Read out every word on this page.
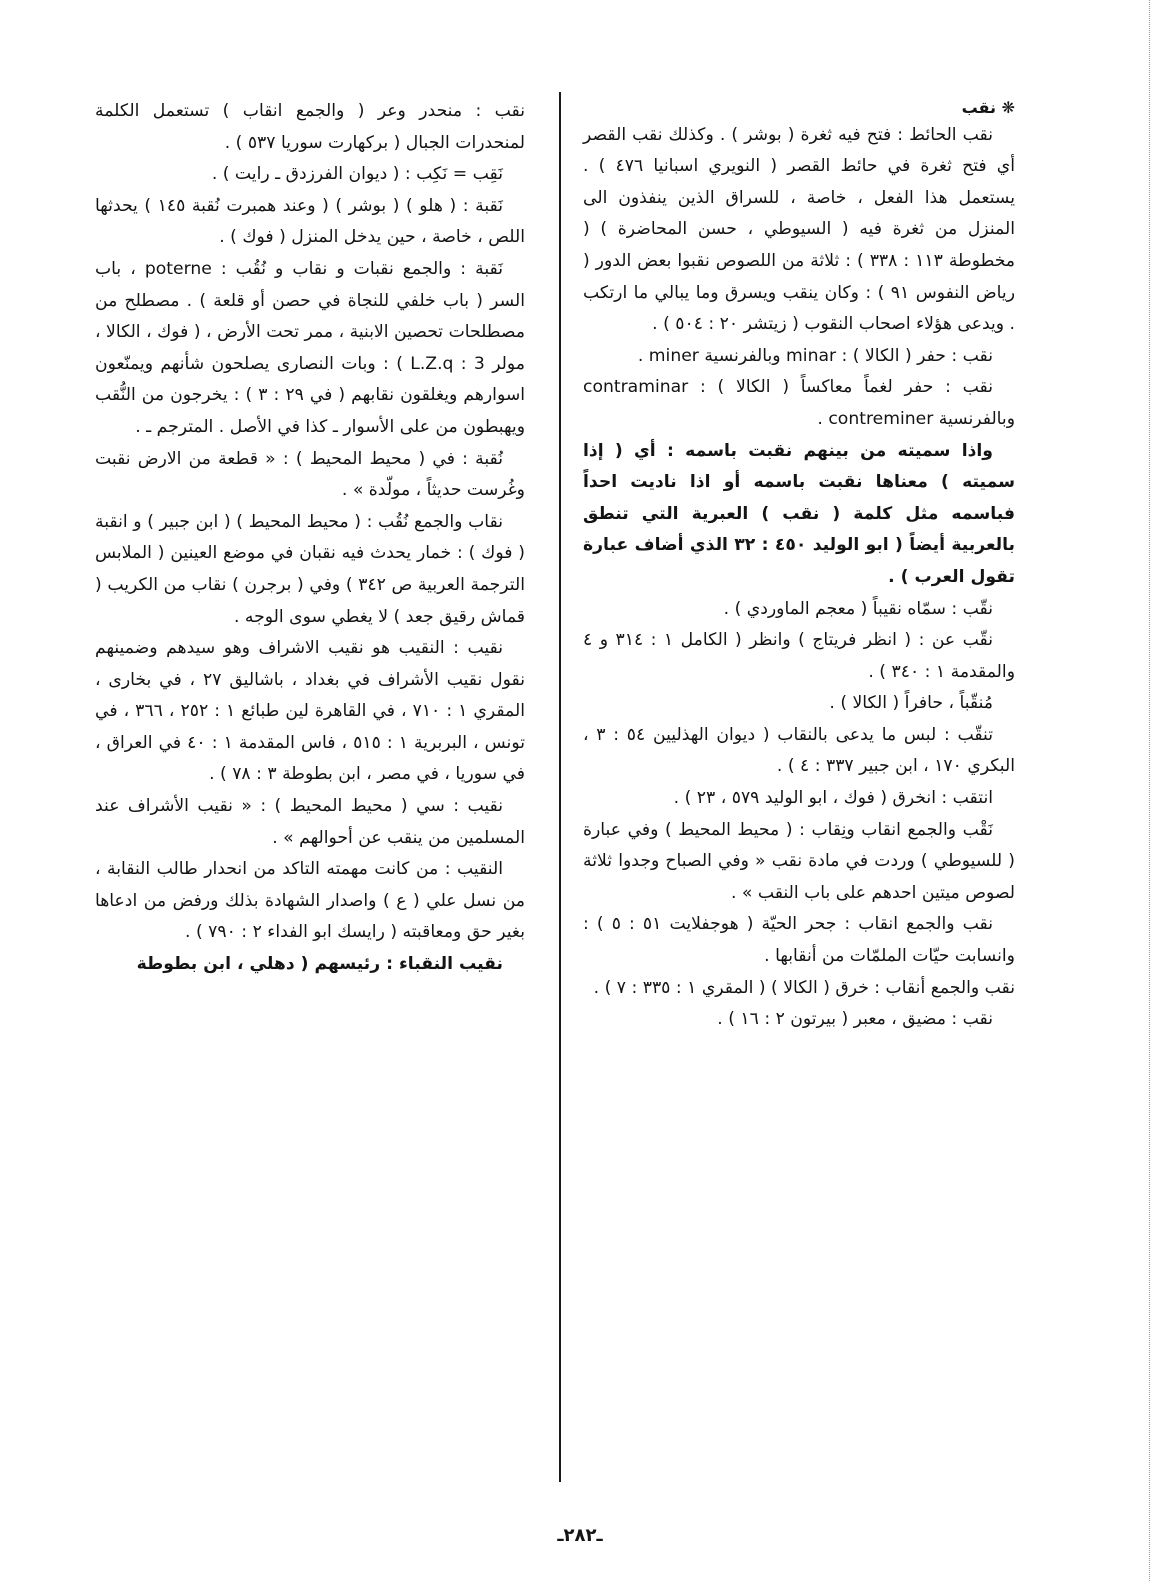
❋ نقب

نقب الحائط : فتح فيه ثغرة ( بوشر ) . وكذلك نقب القصر أي فتح ثغرة في حائط القصر ( النويري اسبانيا ٤٧٦ ) . يستعمل هذا الفعل ، خاصة ، للسراق الذين ينفذون الى المنزل من ثغرة فيه ( السيوطي ، حسن المحاضرة ) ( مخطوطة ١١٣ : ٣٣٨ ) : ثلاثة من اللصوص نقبوا بعض الدور ( رياض النفوس ٩١ ) : وكان ينقب ويسرق وما يبالي ما ارتكب . ويدعى هؤلاء اصحاب النقوب ( زيتشر ٢٠ : ٥٠٤ ) .

نقب : حفر ( الكالا ) : minar وبالفرنسية miner .

نقب : حفر لغماً معاكساً ( الكالا ) : contraminar وبالفرنسية contreminer .

واذا سميته من بينهم نقبت باسمه : أي ( إذا سميته ) معناها نقبت باسمه أو اذا ناديت احداً فباسمه مثل كلمة ( نقب ) العبرية التي تنطق بالعربية أيضاً ( ابو الوليد ٤٥٠ : ٣٢ الذي أضاف عبارة تقول العرب ) .

نقّب : سمّاه نقيباً ( معجم الماوردي ) .

نقّب عن : ( انظر فريتاج ) وانظر ( الكامل ١ : ٣١٤ و ٤ والمقدمة ١ : ٣٤٠ ) .

مُنقّباً ، حافراً ( الكالا ) .

تنقّب : لبس ما يدعى بالنقاب ( ديوان الهذليين ٥٤ : ٣ ، البكري ١٧٠ ، ابن جبير ٣٣٧ : ٤ ) .

انتقب : انخرق ( فوك ، ابو الوليد ٥٧٩ ، ٢٣ ) .

نَقْب والجمع انقاب ونِقاب : ( محيط المحيط ) وفي عبارة ( للسيوطي ) وردت في مادة نقب « وفي الصباح وجدوا ثلاثة لصوص ميتين احدهم على باب النقب » .

نقب والجمع انقاب : جحر الحيّة ( هوجفلايت ٥١ : ٥ ) : وانسابت حيّات الملمّات من أنقابها .

نقب والجمع أنقاب : خرق ( الكالا ) ( المقري ١ : ٣٣٥ : ٧ ) .

نقب : مضيق ، معبر ( بيرتون ٢ : ١٦ ) .

نقب : منحدر وعر ( والجمع انقاب ) تستعمل الكلمة لمنحدرات الجبال ( بركهارت سوريا ٥٣٧ ) .

نَقِب = نَكِب : ( ديوان الفرزدق ـ رايت ) .

نَقبة : ( هلو ) ( بوشر ) ( وعند همبرت نُقبة ١٤٥ ) يحدثها اللص ، خاصة ، حين يدخل المنزل ( فوك ) .

نَقبة : والجمع نقبات و نقاب و نُقُب : poterne ، باب السر ( باب خلفي للنجاة في حصن أو قلعة ) . مصطلح من مصطلحات تحصين الابنية ، ممر تحت الأرض ، ( فوك ، الكالا ، مولر L.Z.q : 3 ) : وبات النصارى يصلحون شأنهم ويمنّعون اسوارهم ويغلقون نقابهم ( في ٢٩ : ٣ ) : يخرجون من النُّقب ويهبطون من على الأسوار ـ كذا في الأصل . المترجم ـ .

نُقبة : في ( محيط المحيط ) : « قطعة من الارض نقبت وغُرست حديثاً ، مولّدة » .

نقاب والجمع نُقُب : ( محيط المحيط ) ( ابن جبير ) و انقبة ( فوك ) : خمار يحدث فيه نقبان في موضع العينين ( الملابس الترجمة العربية ص ٣٤٢ ) وفي ( برجرن ) نقاب من الكريب ( قماش رقيق جعد ) لا يغطي سوى الوجه .

نقيب : النقيب هو نقيب الاشراف وهو سيدهم وضمينهم نقول نقيب الأشراف في بغداد ، باشاليق ٢٧ ، في بخارى ، المقري ١ : ٧١٠ ، في القاهرة لين طبائع ١ : ٢٥٢ ، ٣٦٦ ، في تونس ، البربرية ١ : ٥١٥ ، فاس المقدمة ١ : ٤٠ في العراق ، في سوريا ، في مصر ، ابن بطوطة ٣ : ٧٨ ) .

نقيب : سي ( محيط المحيط ) : « نقيب الأشراف عند المسلمين من ينقب عن أحوالهم » .

النقيب : من كانت مهمته التاكد من انحدار طالب النقابة ، من نسل علي ( ع ) واصدار الشهادة بذلك ورفض من ادعاها بغير حق ومعاقبته ( رايسك ابو الفداء ٢ : ٧٩٠ ) .

نقيب النقباء : رئيسهم ( دهلي ، ابن بطوطة

ـ٢٨٢ـ
